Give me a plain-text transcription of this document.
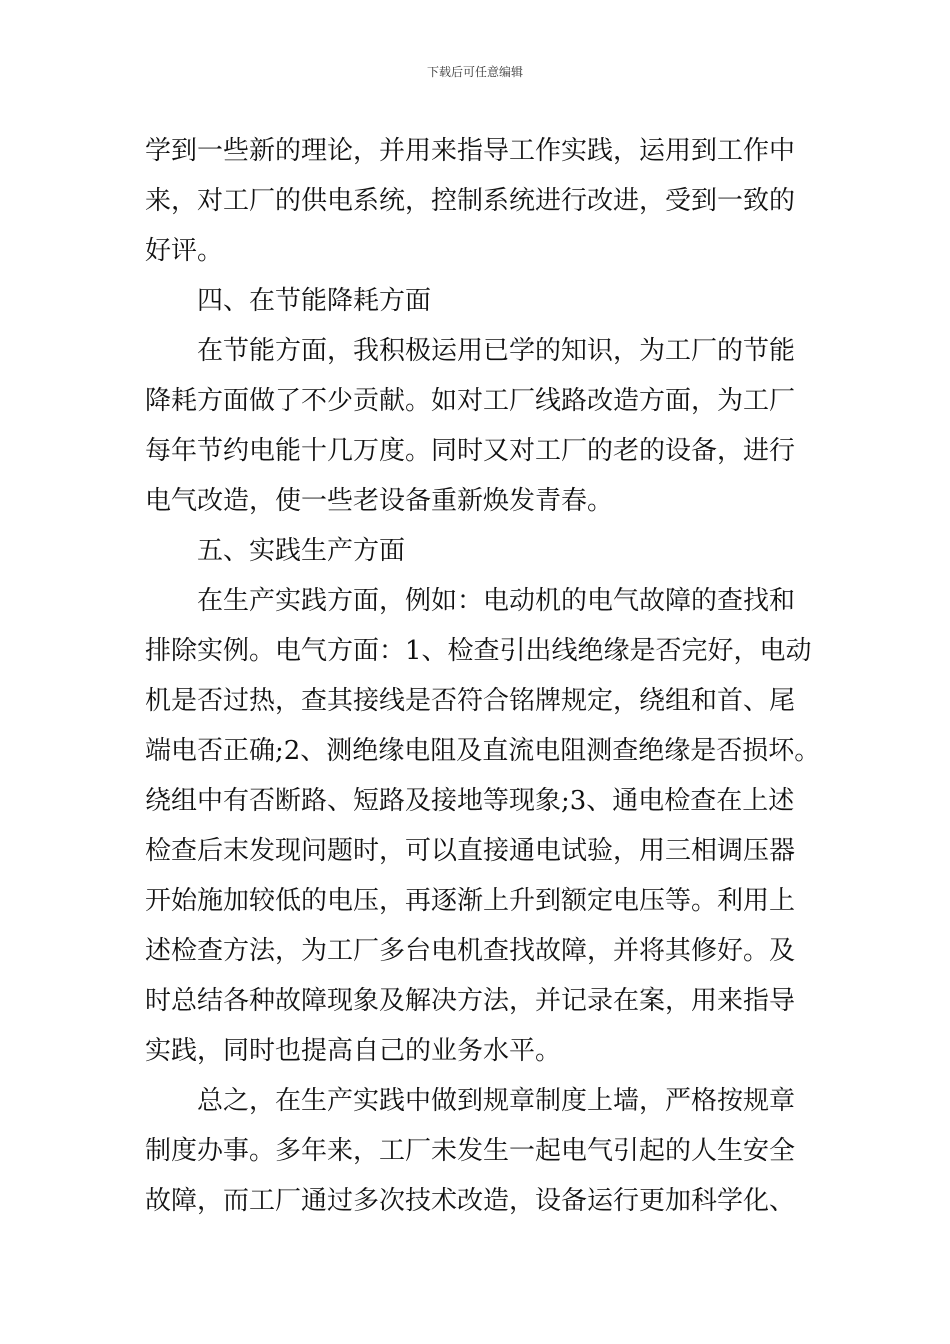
下载后可任意编辑
学到一些新的理论，并用来指导工作实践，运用到工作中
来，对工厂的供电系统，控制系统进行改进，受到一致的
好评。
四、在节能降耗方面
在节能方面，我积极运用已学的知识，为工厂的节能
降耗方面做了不少贡献。如对工厂线路改造方面，为工厂
每年节约电能十几万度。同时又对工厂的老的设备，进行
电气改造，使一些老设备重新焕发青春。
五、实践生产方面
在生产实践方面，例如：电动机的电气故障的查找和
排除实例。电气方面：1、检查引出线绝缘是否完好，电动
机是否过热，查其接线是否符合铭牌规定，绕组和首、尾
端电否正确;2、测绝缘电阻及直流电阻测查绝缘是否损坏。
绕组中有否断路、短路及接地等现象;3、通电检查在上述
检查后末发现问题时，可以直接通电试验，用三相调压器
开始施加较低的电压，再逐渐上升到额定电压等。利用上
述检查方法，为工厂多台电机查找故障，并将其修好。及
时总结各种故障现象及解决方法，并记录在案，用来指导
实践，同时也提高自己的业务水平。
总之，在生产实践中做到规章制度上墙，严格按规章
制度办事。多年来，工厂未发生一起电气引起的人生安全
故障，而工厂通过多次技术改造，设备运行更加科学化、
